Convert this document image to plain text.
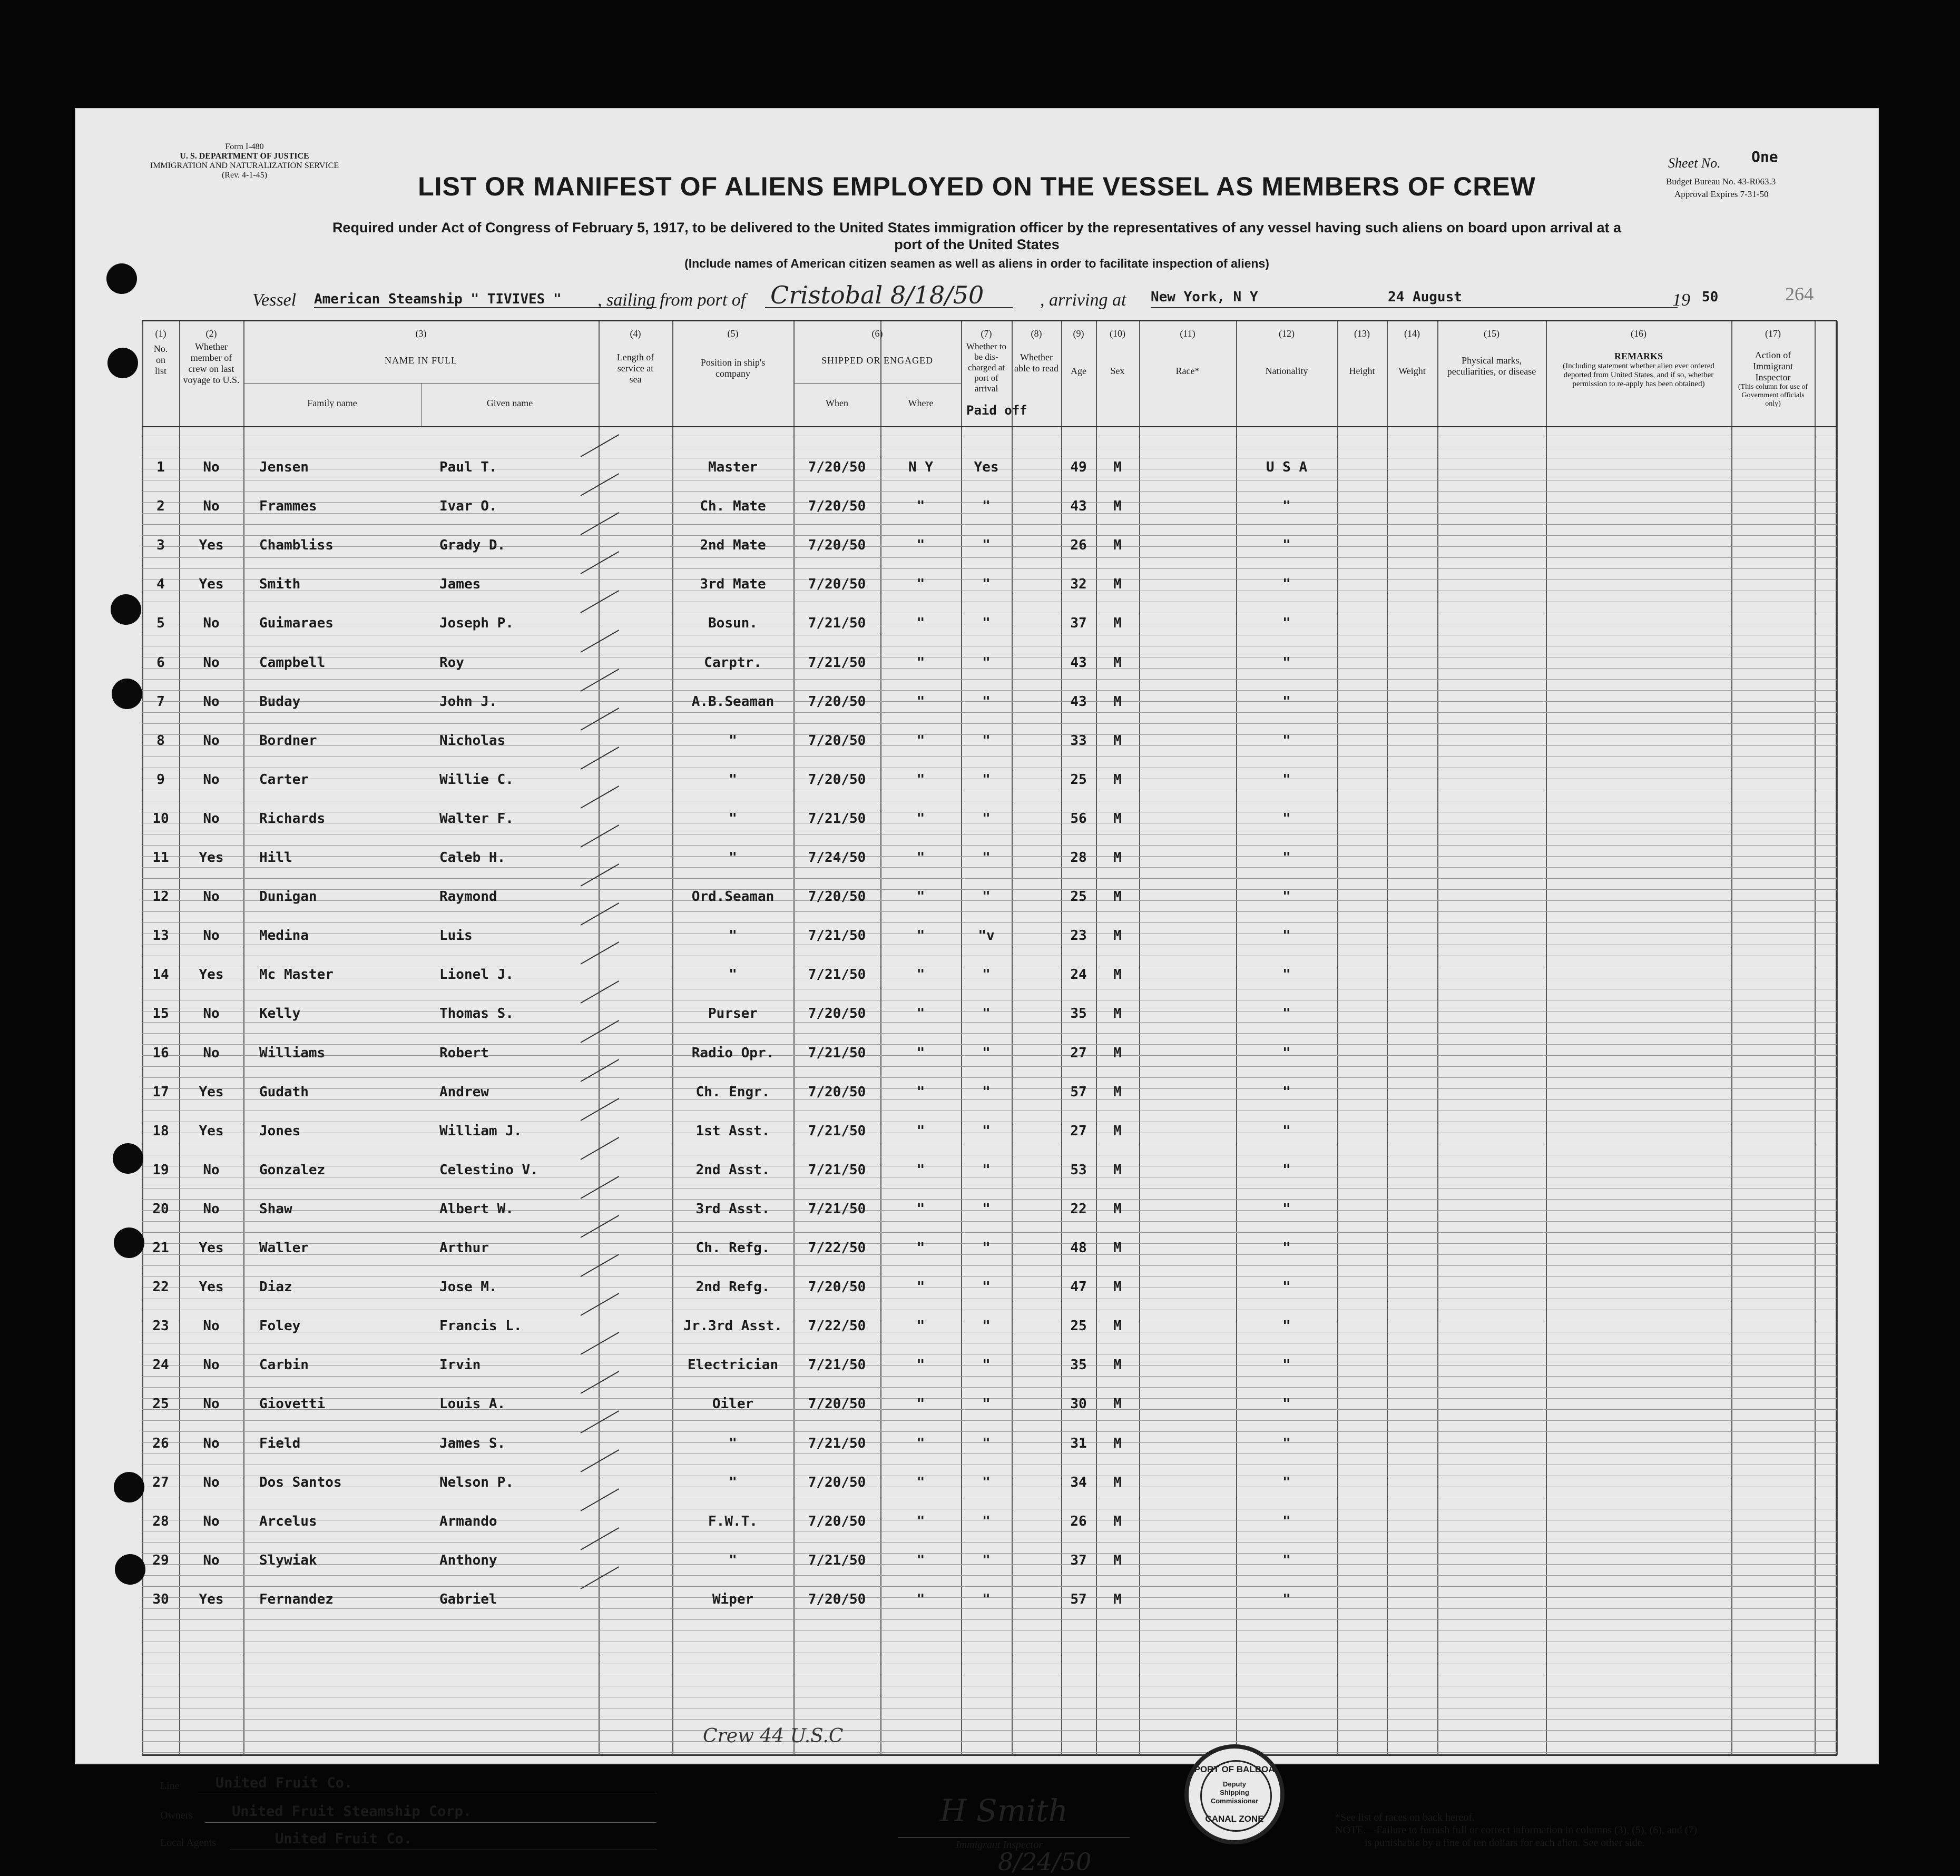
Form I-480
U. S. DEPARTMENT OF JUSTICE
IMMIGRATION AND NATURALIZATION SERVICE
(Rev. 4-1-45)
Sheet No. One
Budget Bureau No. 43-R063.3
Approval Expires 7-31-50
264
LIST OR MANIFEST OF ALIENS EMPLOYED ON THE VESSEL AS MEMBERS OF CREW
Required under Act of Congress of February 5, 1917, to be delivered to the United States immigration officer by the representatives of any vessel having such aliens on board upon arrival at a
port of the United States
(Include names of American citizen seamen as well as aliens in order to facilitate inspection of aliens)
Vessel American Steamship " TIVIVES " , sailing from port of Cristobal 8/18/50	, arriving at New York, N Y	24 August	19 50
(1)
No. on list
(2)
Whether member of crew on last voyage to U.S.
(3)
NAME IN FULL
Family name	Given name
(4)
Length of service at sea
(5)
Position in ship's company
(6)
SHIPPED OR ENGAGED
When	Where
(7)
Whether to be dis-charged at port of arrival
Paid off
(8)
Whether able to read
(9)
Age
(10)
Sex
(11)
Race*
(12)
Nationality
(13)
Height
(14)
Weight
(15)
Physical marks, peculiarities, or disease
(16)
REMARKS
(Including statement whether alien ever ordered deported from United States, and if so, whether permission to re-apply has been obtained)
(17)
Action of Immigrant Inspector
(This column for use of Government officials only)
1	No	Jensen	Paul T.	Master	7/20/50	N Y	Yes	49	M	U S A
2	No	Frammes	Ivar O.	Ch. Mate	7/20/50	"	"	43	M	"
3	Yes	Chambliss	Grady D.	2nd Mate	7/20/50	"	"	26	M	"
4	Yes	Smith	James	3rd Mate	7/20/50	"	"	32	M	"
5	No	Guimaraes	Joseph P.	Bosun.	7/21/50	"	"	37	M	"
6	No	Campbell	Roy	Carptr.	7/21/50	"	"	43	M	"
7	No	Buday	John J.	A.B.Seaman	7/20/50	"	"	43	M	"
8	No	Bordner	Nicholas	"	7/20/50	"	"	33	M	"
9	No	Carter	Willie C.	"	7/20/50	"	"	25	M	"
10	No	Richards	Walter F.	"	7/21/50	"	"	56	M	"
11	Yes	Hill	Caleb H.	"	7/24/50	"	"	28	M	"
12	No	Dunigan	Raymond	Ord.Seaman	7/20/50	"	"	25	M	"
13	No	Medina	Luis	"	7/21/50	"	"v	23	M	"
14	Yes	Mc Master	Lionel J.	"	7/21/50	"	"	24	M	"
15	No	Kelly	Thomas S.	Purser	7/20/50	"	"	35	M	"
16	No	Williams	Robert	Radio Opr.	7/21/50	"	"	27	M	"
17	Yes	Gudath	Andrew	Ch. Engr.	7/20/50	"	"	57	M	"
18	Yes	Jones	William J.	1st Asst.	7/21/50	"	"	27	M	"
19	No	Gonzalez	Celestino V.	2nd Asst.	7/21/50	"	"	53	M	"
20	No	Shaw	Albert W.	3rd Asst.	7/21/50	"	"	22	M	"
21	Yes	Waller	Arthur	Ch. Refg.	7/22/50	"	"	48	M	"
22	Yes	Diaz	Jose M.	2nd Refg.	7/20/50	"	"	47	M	"
23	No	Foley	Francis L.	Jr.3rd Asst.	7/22/50	"	"	25	M	"
24	No	Carbin	Irvin	Electrician	7/21/50	"	"	35	M	"
25	No	Giovetti	Louis A.	Oiler	7/20/50	"	"	30	M	"
26	No	Field	James S.	"	7/21/50	"	"	31	M	"
27	No	Dos Santos	Nelson P.	"	7/20/50	"	"	34	M	"
28	No	Arcelus	Armando	F.W.T.	7/20/50	"	"	26	M	"
29	No	Slywiak	Anthony	"	7/21/50	"	"	37	M	"
30	Yes	Fernandez	Gabriel	Wiper	7/20/50	"	"	57	M	"
Crew 44 U.S.C
Line	United Fruit Co.
Owners	United Fruit Steamship Corp.
Local Agents	United Fruit Co.
H Smith
Immigrant Inspector
8/24/50
PORT OF BALBOA
Deputy
Shipping
Commissioner
CANAL ZONE	*See list of races on back hereof.
NOTE.—Failure to furnish full or correct information in columns (3), (5), (6), and (7)
is punishable by a fine of ten dollars for each alien. See other side.
